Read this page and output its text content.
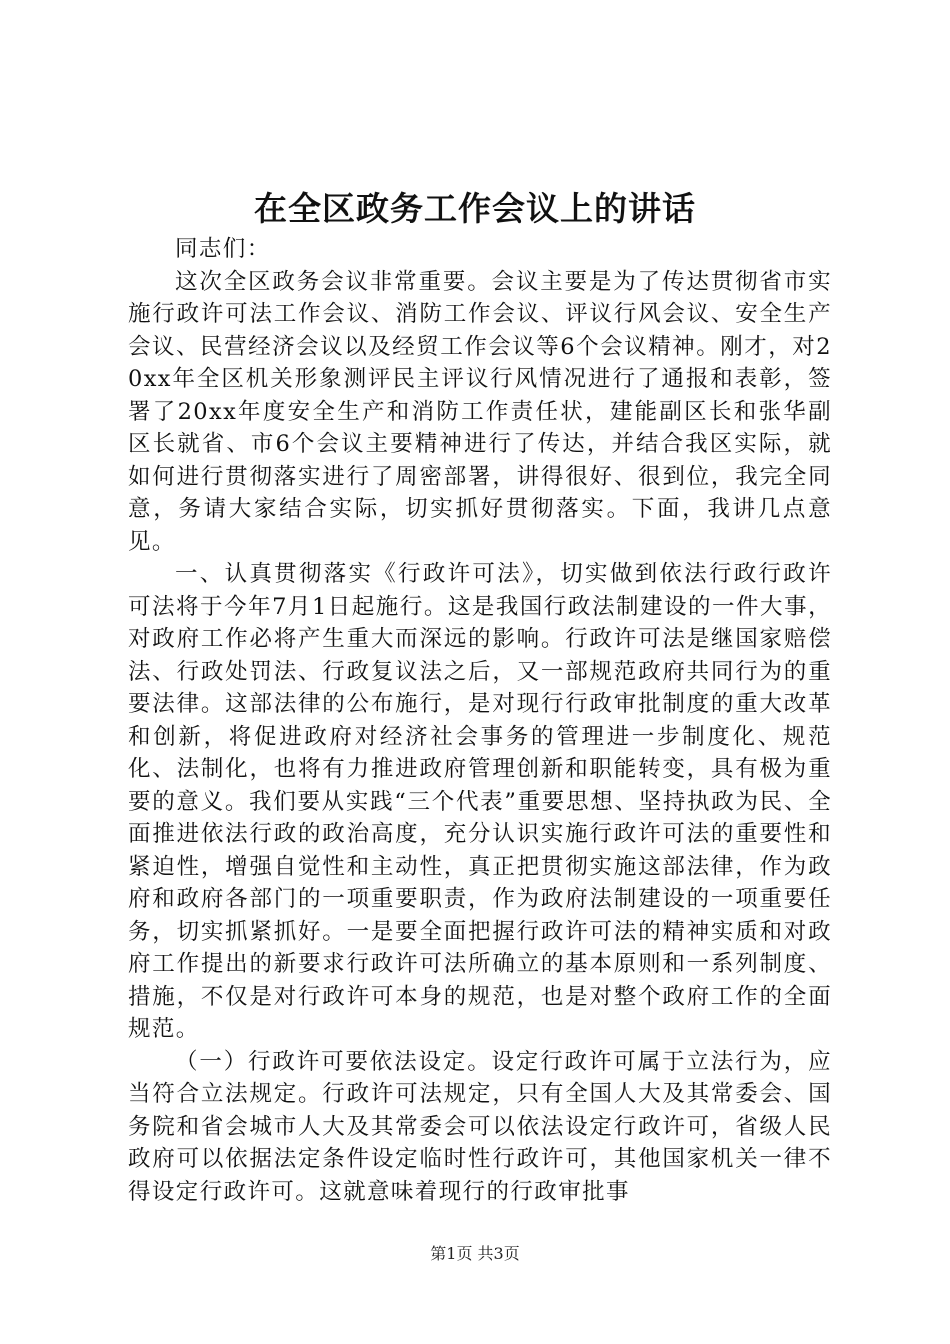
在全区政务工作会议上的讲话

同志们：

这次全区政务会议非常重要。会议主要是为了传达贯彻省市实施行政许可法工作会议、消防工作会议、评议行风会议、安全生产会议、民营经济会议以及经贸工作会议等6个会议精神。刚才，对20xx年全区机关形象测评民主评议行风情况进行了通报和表彰，签署了20xx年度安全生产和消防工作责任状，建能副区长和张华副区长就省、市6个会议主要精神进行了传达，并结合我区实际，就如何进行贯彻落实进行了周密部署，讲得很好、很到位，我完全同意，务请大家结合实际，切实抓好贯彻落实。下面，我讲几点意见。

一、认真贯彻落实《行政许可法》，切实做到依法行政行政许可法将于今年7月1日起施行。这是我国行政法制建设的一件大事，对政府工作必将产生重大而深远的影响。行政许可法是继国家赔偿法、行政处罚法、行政复议法之后，又一部规范政府共同行为的重要法律。这部法律的公布施行，是对现行行政审批制度的重大改革和创新，将促进政府对经济社会事务的管理进一步制度化、规范化、法制化，也将有力推进政府管理创新和职能转变，具有极为重要的意义。我们要从实践“三个代表”重要思想、坚持执政为民、全面推进依法行政的政治高度，充分认识实施行政许可法的重要性和紧迫性，增强自觉性和主动性，真正把贯彻实施这部法律，作为政府和政府各部门的一项重要职责，作为政府法制建设的一项重要任务，切实抓紧抓好。一是要全面把握行政许可法的精神实质和对政府工作提出的新要求行政许可法所确立的基本原则和一系列制度、措施，不仅是对行政许可本身的规范，也是对整个政府工作的全面规范。

（一）行政许可要依法设定。设定行政许可属于立法行为，应当符合立法规定。行政许可法规定，只有全国人大及其常委会、国务院和省会城市人大及其常委会可以依法设定行政许可，省级人民政府可以依据法定条件设定临时性行政许可，其他国家机关一律不得设定行政许可。这就意味着现行的行政审批事

第1页 共3页
